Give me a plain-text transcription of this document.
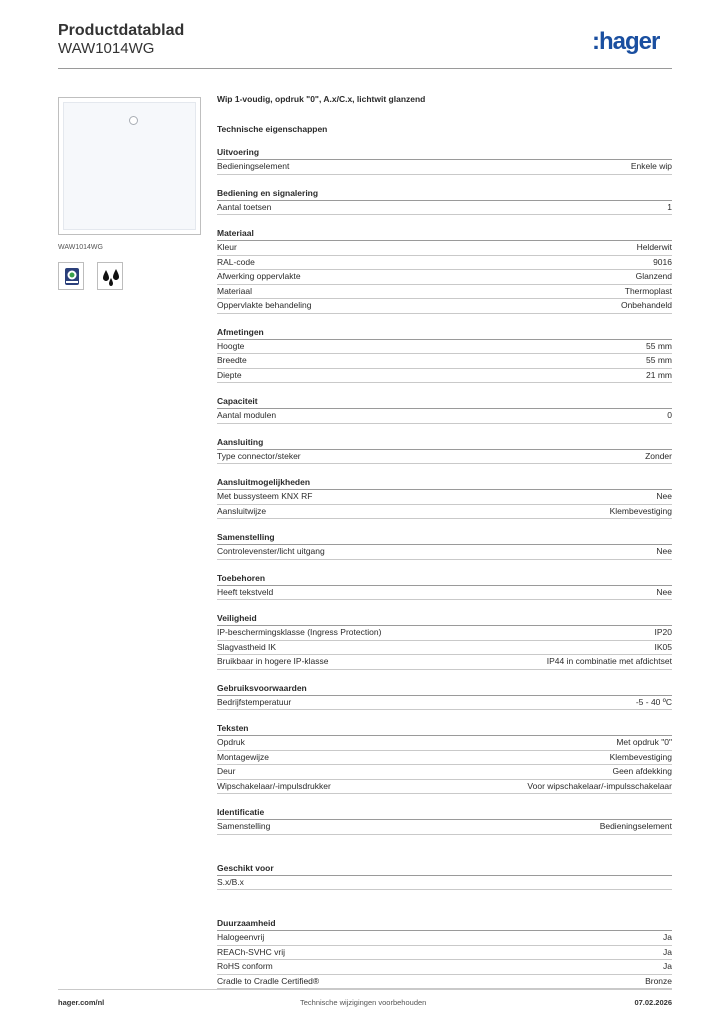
Productdatablad
WAW1014WG	:hager
WAW1014WG
Wip 1-voudig, opdruk "0", A.x/C.x, lichtwit glanzend
Technische eigenschappen
Uitvoering
Bedieningselement	Enkele wip
Bediening en signalering
Aantal toetsen	1
Materiaal
Kleur	Helderwit
RAL-code	9016
Afwerking oppervlakte	Glanzend
Materiaal	Thermoplast
Oppervlakte behandeling	Onbehandeld
Afmetingen
Hoogte	55 mm
Breedte	55 mm
Diepte	21 mm
Capaciteit
Aantal modulen	0
Aansluiting
Type connector/steker	Zonder
Aansluitmogelijkheden
Met bussysteem KNX RF	Nee
Aansluitwijze	Klembevestiging
Samenstelling
Controlevenster/licht uitgang	Nee
Toebehoren
Heeft tekstveld	Nee
Veiligheid
IP-beschermingsklasse (Ingress Protection)	IP20
Slagvastheid IK	IK05
Bruikbaar in hogere IP-klasse	IP44 in combinatie met afdichtset
Gebruiksvoorwaarden
Bedrijfstemperatuur	-5 - 40 ºC
Teksten
Opdruk	Met opdruk "0"
Montagewijze	Klembevestiging
Deur	Geen afdekking
Wipschakelaar/-impulsdrukker	Voor wipschakelaar/-impulsschakelaar
Identificatie
Samenstelling	Bedieningselement
Geschikt voor
S.x/B.x
Duurzaamheid
Halogeenvrij	Ja
REACh-SVHC vrij	Ja
RoHS conform	Ja
Cradle to Cradle Certified®	Bronze
hager.com/nl	Technische wijzigingen voorbehouden	07.02.2026
